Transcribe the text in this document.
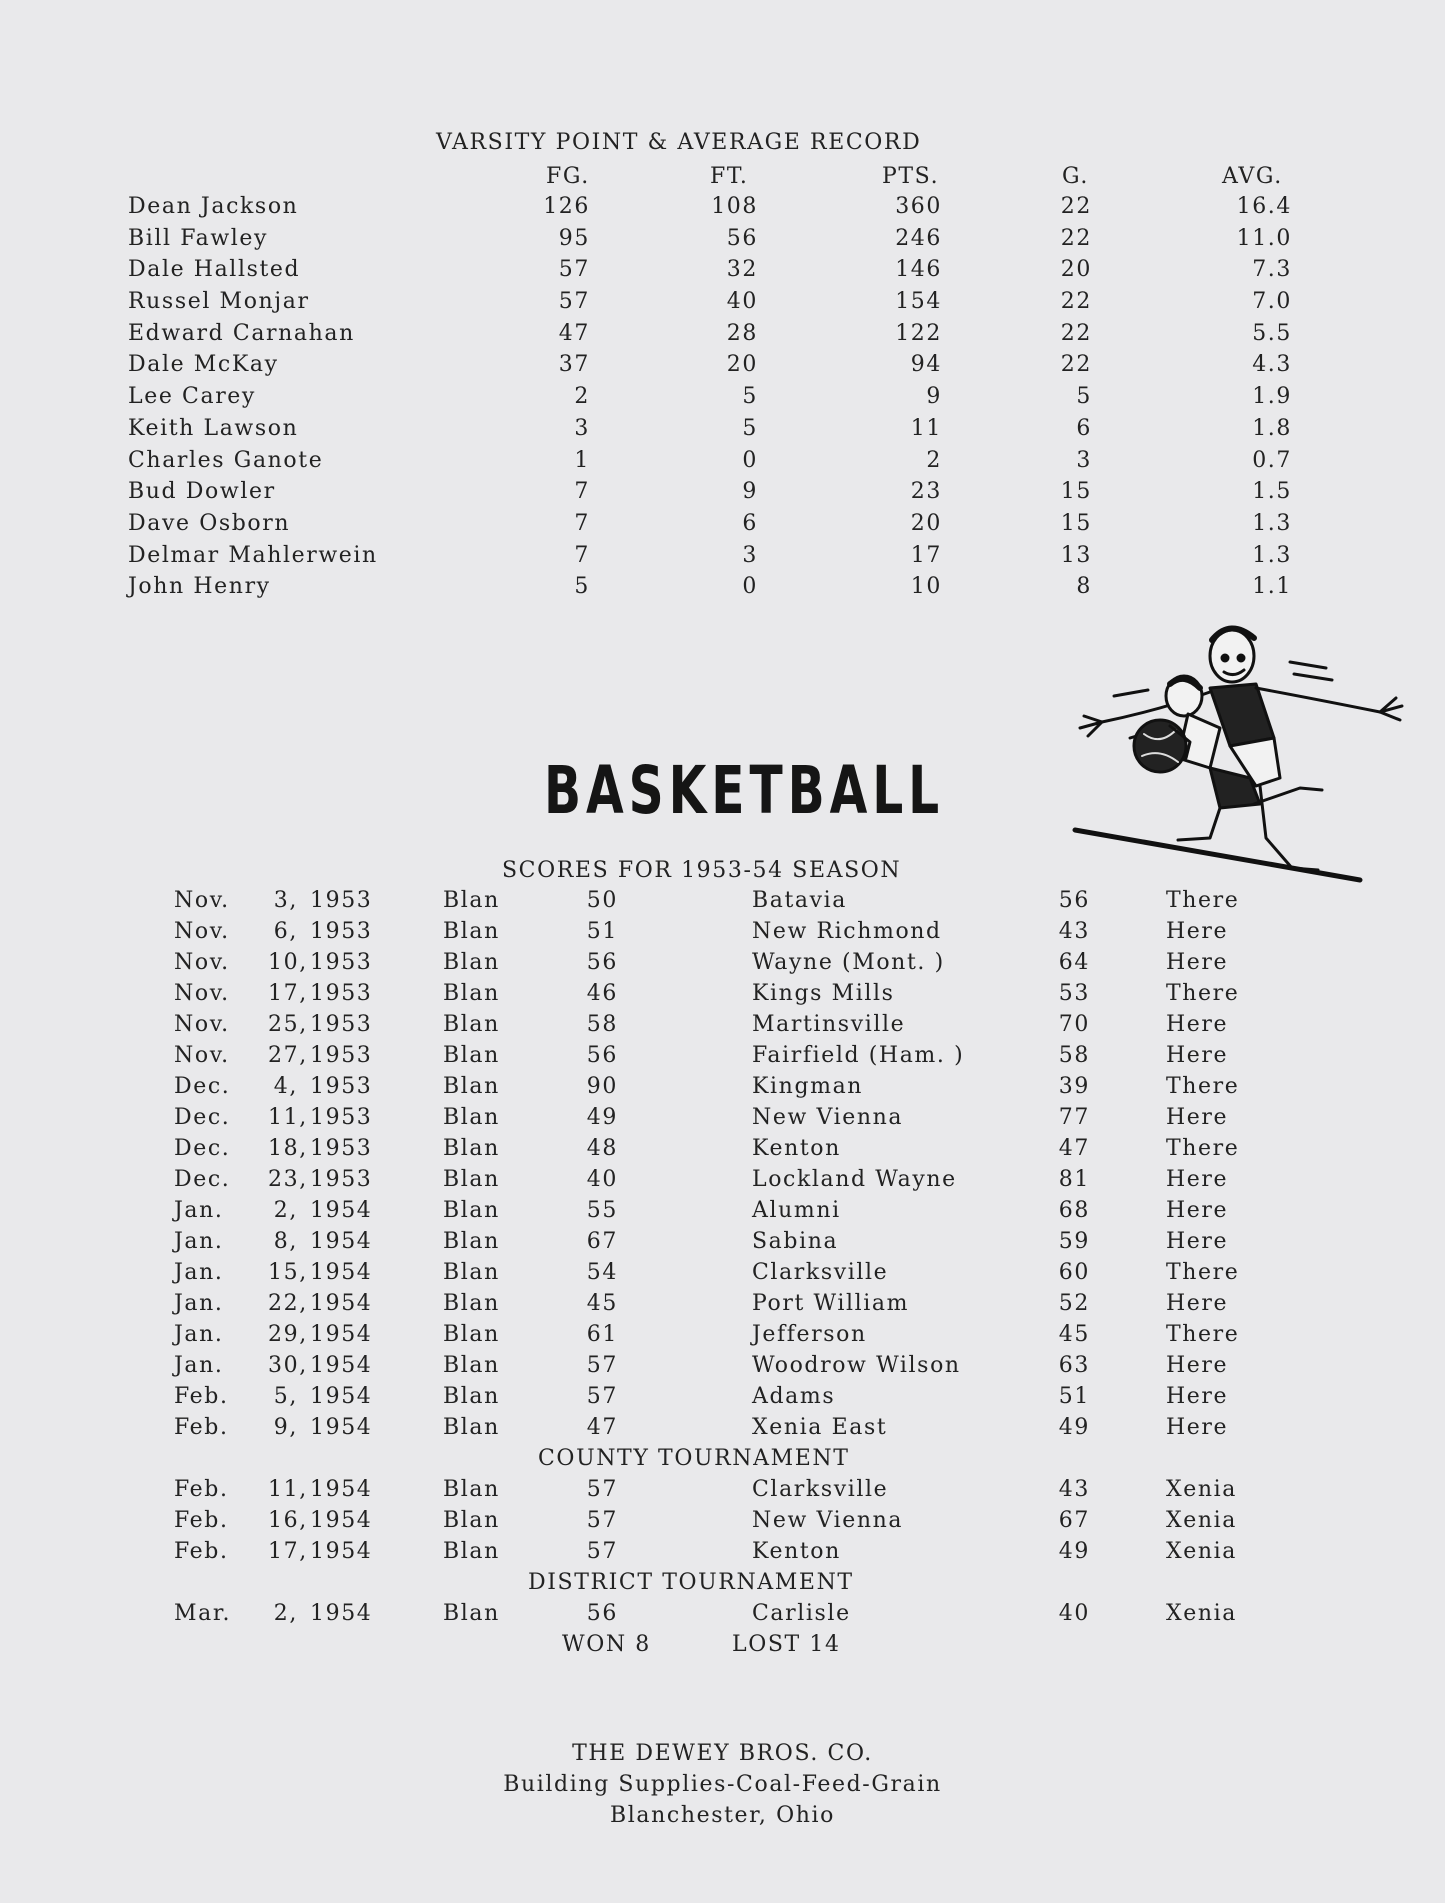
VARSITY POINT & AVERAGE RECORD
FG.	FT.	PTS.	G.	AVG.
Dean Jackson	126	108	360	22	16.4
Bill Fawley	95	56	246	22	11.0
Dale Hallsted	57	32	146	20	7.3
Russel Monjar	57	40	154	22	7.0
Edward Carnahan	47	28	122	22	5.5
Dale McKay	37	20	94	22	4.3
Lee Carey	2	5	9	5	1.9
Keith Lawson	3	5	11	6	1.8
Charles Ganote	1	0	2	3	0.7
Bud Dowler	7	9	23	15	1.5
Dave Osborn	7	6	20	15	1.3
Delmar Mahlerwein	7	3	17	13	1.3
John Henry	5	0	10	8	1.1
BASKETBALL
SCORES FOR 1953-54 SEASON
Nov. 3, 1953	Blan	50	Batavia	56	There
Nov. 6, 1953	Blan	51	New Richmond	43	Here
Nov. 10, 1953	Blan	56	Wayne (Mont. )	64	Here
Nov. 17, 1953	Blan	46	Kings Mills	53	There
Nov. 25, 1953	Blan	58	Martinsville	70	Here
Nov. 27, 1953	Blan	56	Fairfield (Ham. )	58	Here
Dec. 4, 1953	Blan	90	Kingman	39	There
Dec. 11, 1953	Blan	49	New Vienna	77	Here
Dec. 18, 1953	Blan	48	Kenton	47	There
Dec. 23, 1953	Blan	40	Lockland Wayne	81	Here
Jan. 2, 1954	Blan	55	Alumni	68	Here
Jan. 8, 1954	Blan	67	Sabina	59	Here
Jan. 15, 1954	Blan	54	Clarksville	60	There
Jan. 22, 1954	Blan	45	Port William	52	Here
Jan. 29, 1954	Blan	61	Jefferson	45	There
Jan. 30, 1954	Blan	57	Woodrow Wilson	63	Here
Feb. 5, 1954	Blan	57	Adams	51	Here
Feb. 9, 1954	Blan	47	Xenia East	49	Here
COUNTY TOURNAMENT
Feb. 11, 1954	Blan	57	Clarksville	43	Xenia
Feb. 16, 1954	Blan	57	New Vienna	67	Xenia
Feb. 17, 1954	Blan	57	Kenton	49	Xenia
DISTRICT TOURNAMENT
Mar. 2, 1954	Blan	56	Carlisle	40	Xenia
WON 8	LOST 14
THE DEWEY BROS. CO.
Building Supplies-Coal-Feed-Grain
Blanchester, Ohio
